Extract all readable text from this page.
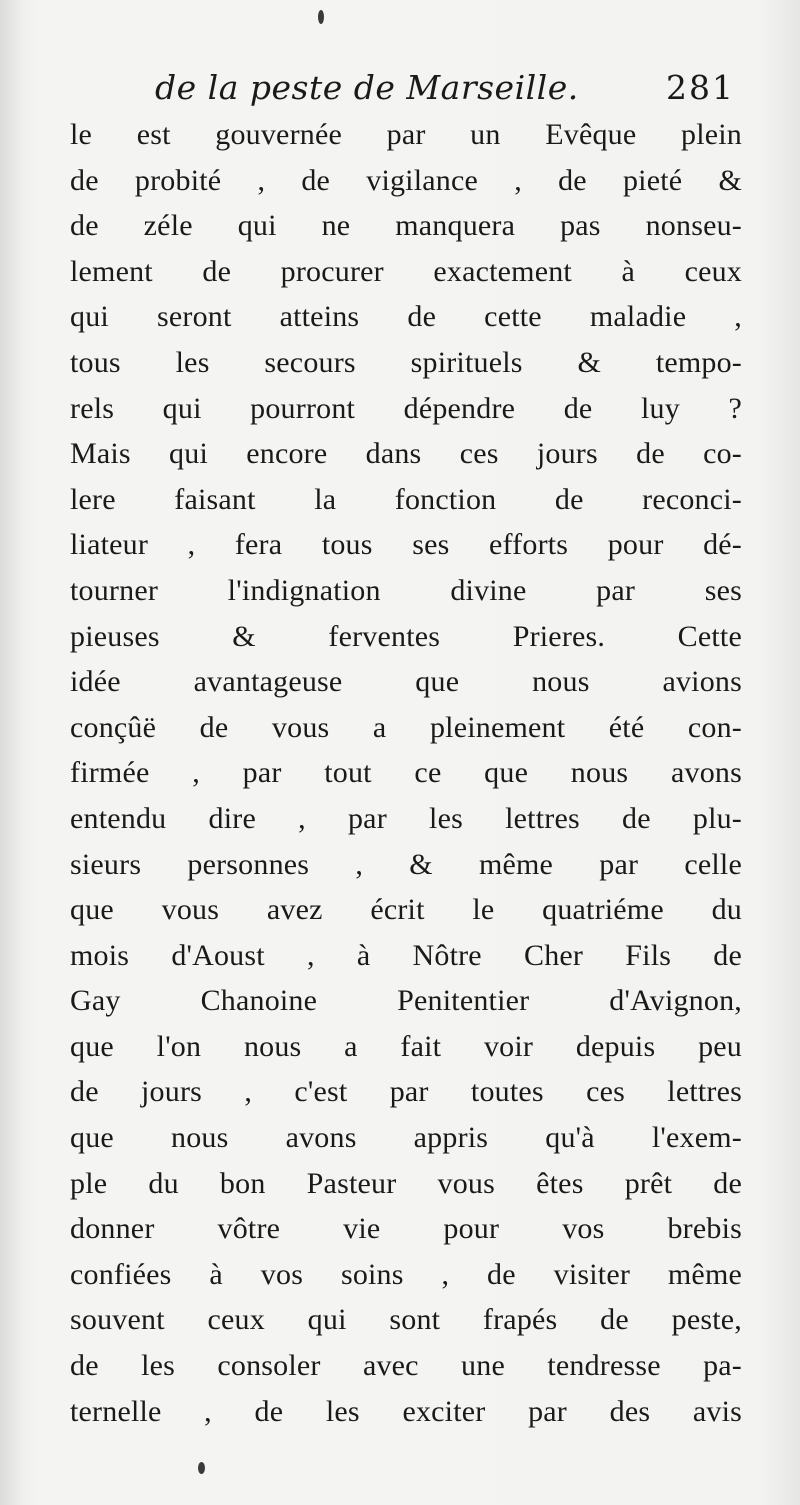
de la peste de Marseille.	281
le est gouvernée par un Evêque plein
de probité , de vigilance , de pieté &
de zéle qui ne manquera pas nonseu-
lement de procurer exactement à ceux
qui seront atteins de cette maladie ,
tous les secours spirituels & tempo-
rels qui pourront dépendre de luy ?
Mais qui encore dans ces jours de co-
lere faisant la fonction de reconci-
liateur , fera tous ses efforts pour dé-
tourner l'indignation divine par ses
pieuses & ferventes Prieres. Cette
idée avantageuse que nous avions
conçûë de vous a pleinement été con-
firmée , par tout ce que nous avons
entendu dire , par les lettres de plu-
sieurs personnes , & même par celle
que vous avez écrit le quatriéme du
mois d'Aoust , à Nôtre Cher Fils de
Gay Chanoine Penitentier d'Avignon,
que l'on nous a fait voir depuis peu
de jours , c'est par toutes ces lettres
que nous avons appris qu'à l'exem-
ple du bon Pasteur vous êtes prêt de
donner vôtre vie pour vos brebis
confiées à vos soins , de visiter même
souvent ceux qui sont frapés de peste,
de les consoler avec une tendresse pa-
ternelle , de les exciter par des avis
